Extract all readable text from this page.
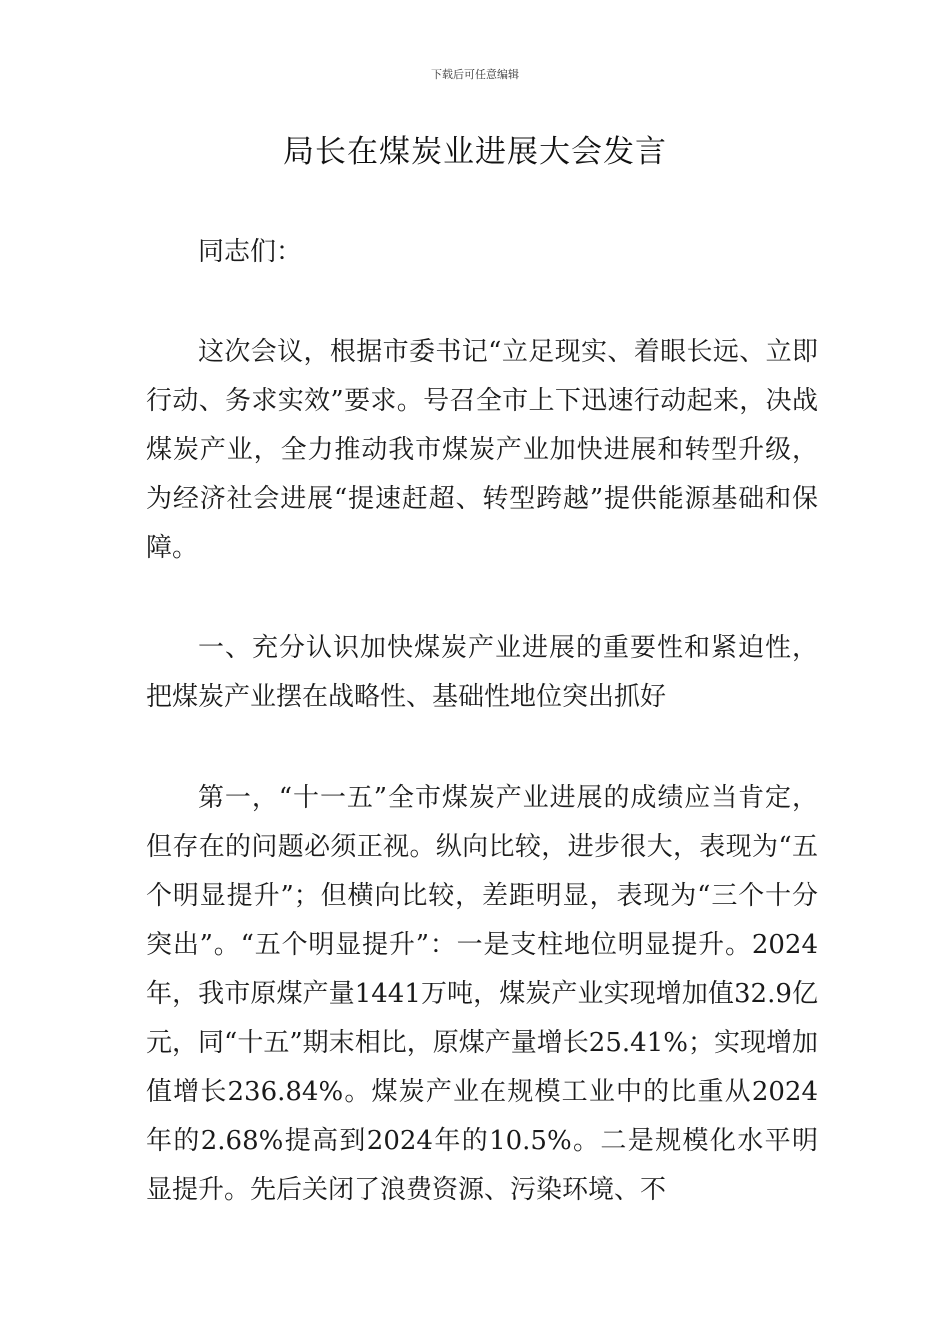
下载后可任意编辑
局长在煤炭业进展大会发言

同志们：

这次会议，根据市委书记“立足现实、着眼长远、立即行动、务求实效”要求。号召全市上下迅速行动起来，决战煤炭产业，全力推动我市煤炭产业加快进展和转型升级，为经济社会进展“提速赶超、转型跨越”提供能源基础和保障。

一、充分认识加快煤炭产业进展的重要性和紧迫性，把煤炭产业摆在战略性、基础性地位突出抓好

第一，“十一五”全市煤炭产业进展的成绩应当肯定，但存在的问题必须正视。纵向比较，进步很大，表现为“五个明显提升”；但横向比较，差距明显，表现为“三个十分突出”。“五个明显提升”：一是支柱地位明显提升。2024年，我市原煤产量1441万吨，煤炭产业实现增加值32.9亿元，同“十五”期末相比，原煤产量增长25.41%；实现增加值增长236.84%。煤炭产业在规模工业中的比重从2024年的2.68%提高到2024年的10.5%。二是规模化水平明显提升。先后关闭了浪费资源、污染环境、不
